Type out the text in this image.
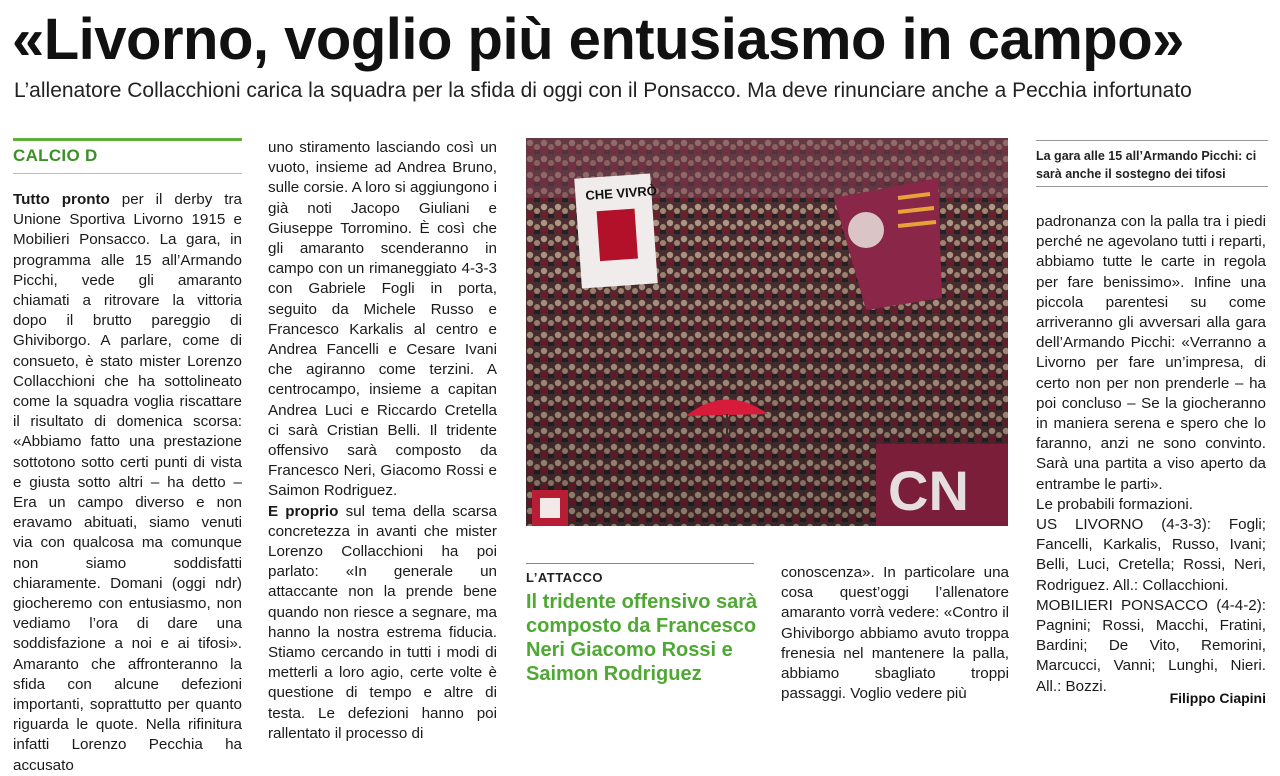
«Livorno, voglio più entusiasmo in campo»
L’allenatore Collacchioni carica la squadra per la sfida di oggi con il Ponsacco. Ma deve rinunciare anche a Pecchia infortunato
CALCIO D

Tutto pronto per il derby tra Unione Sportiva Livorno 1915 e Mobilieri Ponsacco. La gara, in programma alle 15 all’Armando Picchi, vede gli amaranto chiamati a ritrovare la vittoria dopo il brutto pareggio di Ghiviborgo. A parlare, come di consueto, è stato mister Lorenzo Collacchioni che ha sottolineato come la squadra voglia riscattare il risultato di domenica scorsa: «Abbiamo fatto una prestazione sottotono sotto certi punti di vista e giusta sotto altri – ha detto – Era un campo diverso e non eravamo abituati, siamo venuti via con qualcosa ma comunque non siamo soddisfatti chiaramente. Domani (oggi ndr) giocheremo con entusiasmo, non vediamo l’ora di dare una soddisfazione a noi e ai tifosi». Amaranto che affronteranno la sfida con alcune defezioni importanti, soprattutto per quanto riguarda le quote. Nella rifinitura infatti Lorenzo Pecchia ha accusato

uno stiramento lasciando così un vuoto, insieme ad Andrea Bruno, sulle corsie. A loro si aggiungono i già noti Jacopo Giuliani e Giuseppe Torromino. È così che gli amaranto scenderanno in campo con un rimaneggiato 4-3-3 con Gabriele Fogli in porta, seguito da Michele Russo e Francesco Karkalis al centro e Andrea Fancelli e Cesare Ivani che agiranno come terzini. A centrocampo, insieme a capitan Andrea Luci e Riccardo Cretella ci sarà Cristian Belli. Il tridente offensivo sarà composto da Francesco Neri, Giacomo Rossi e Saimon Rodriguez.

E proprio sul tema della scarsa concretezza in avanti che mister Lorenzo Collacchioni ha poi parlato: «In generale un attaccante non la prende bene quando non riesce a segnare, ma hanno la nostra estrema fiducia. Stiamo cercando in tutti i modi di metterli a loro agio, certe volte è questione di tempo e altre di testa. Le defezioni hanno poi rallentato il processo di

CHE VIVRÒ
CN
La gara alle 15 all’Armando Picchi: ci sarà anche il sostegno dei tifosi
L’ATTACCO
Il tridente offensivo sarà composto da Francesco Neri Giacomo Rossi e Saimon Rodriguez

conoscenza». In particolare una cosa quest’oggi l’allenatore amaranto vorrà vedere: «Contro il Ghiviborgo abbiamo avuto troppa frenesia nel mantenere la palla, abbiamo sbagliato troppi passaggi. Voglio vedere più

padronanza con la palla tra i piedi perché ne agevolano tutti i reparti, abbiamo tutte le carte in regola per fare benissimo». Infine una piccola parentesi su come arriveranno gli avversari alla gara dell’Armando Picchi: «Verranno a Livorno per fare un’impresa, di certo non per non prenderle – ha poi concluso – Se la giocheranno in maniera serena e spero che lo faranno, anzi ne sono convinto. Sarà una partita a viso aperto da entrambe le parti».

Le probabili formazioni.

US LIVORNO (4-3-3): Fogli; Fancelli, Karkalis, Russo, Ivani; Belli, Luci, Cretella; Rossi, Neri, Rodriguez. All.: Collacchioni.

MOBILIERI PONSACCO (4-4-2): Pagnini; Rossi, Macchi, Fratini, Bardini; De Vito, Remorini, Marcucci, Vanni; Lunghi, Nieri. All.: Bozzi.

Filippo Ciapini
